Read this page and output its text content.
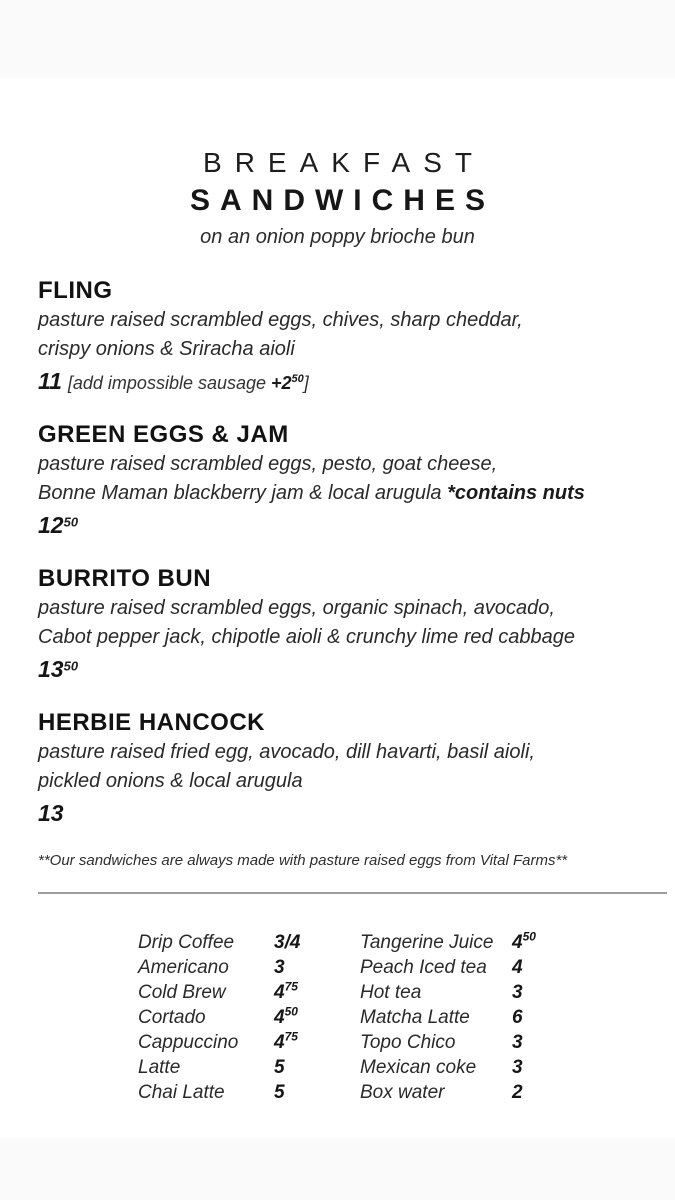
BREAKFAST
SANDWICHES
on an onion poppy brioche bun
FLING
pasture raised scrambled eggs, chives, sharp cheddar,
crispy onions & Sriracha aioli
11 [add impossible sausage +2$^{50}$]
GREEN EGGS & JAM
pasture raised scrambled eggs, pesto, goat cheese,
Bonne Maman blackberry jam & local arugula *contains nuts
$12^{50}$
BURRITO BUN
pasture raised scrambled eggs, organic spinach, avocado,
Cabot pepper jack, chipotle aioli & crunchy lime red cabbage
$13^{50}$
HERBIE HANCOCK
pasture raised fried egg, avocado, dill havarti, basil aioli,
pickled onions & local arugula
13
**Our sandwiches are always made with pasture raised eggs from Vital Farms**
Drip Coffee	3/4	Tangerine Juice $4^{50}$
Americano	3	Peach Iced tea	4
Cold Brew	$4^{75}$	Hot tea	3
Cortado	$4^{50}$	Matcha Latte	6
Cappuccino	$4^{75}$	Topo Chico	3
Latte	5	Mexican coke	3
Chai Latte	5	Box water	2
